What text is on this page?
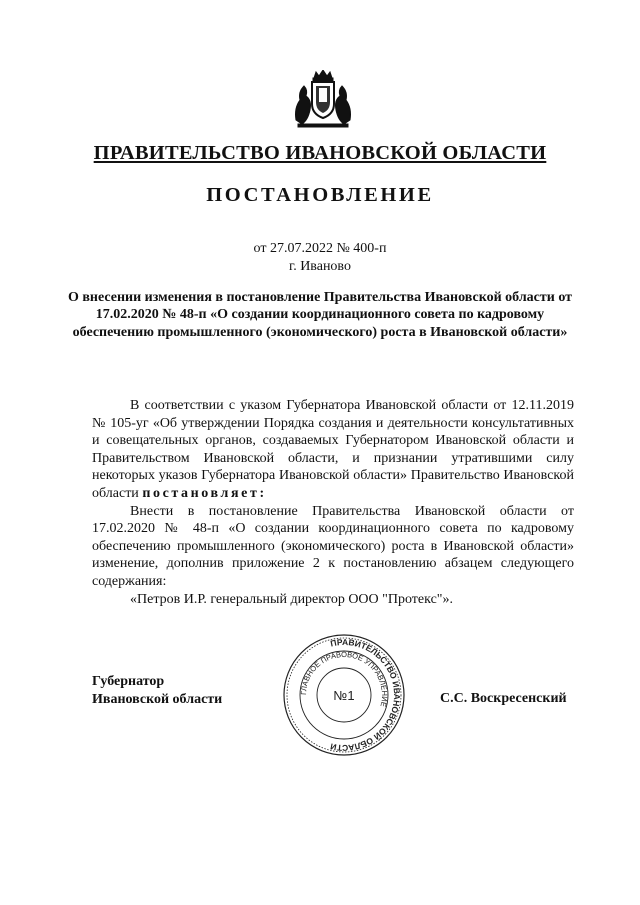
ПРАВИТЕЛЬСТВО ИВАНОВСКОЙ ОБЛАСТИ
ПОСТАНОВЛЕНИЕ
от 27.07.2022 № 400-п
г. Иваново
О внесении изменения в постановление Правительства Ивановской области от 17.02.2020 № 48-п «О создании координационного совета по кадровому обеспечению промышленного (экономического) роста в Ивановской области»

В соответствии с указом Губернатора Ивановской области от 12.11.2019 № 105-уг «Об утверждении Порядка создания и деятельности консультативных и совещательных органов, создаваемых Губернатором Ивановской области и Правительством Ивановской области, и признании утратившими силу некоторых указов Губернатора Ивановской области» Правительство Ивановской области постановляет:

Внести в постановление Правительства Ивановской области от 17.02.2020 № 48-п «О создании координационного совета по кадровому обеспечению промышленного (экономического) роста в Ивановской области» изменение, дополнив приложение 2 к постановлению абзацем следующего содержания:

«Петров И.Р. генеральный директор ООО "Протекс"».

Губернатор
Ивановской области
ПРАВИТЕЛЬСТВО ИВАНОВСКОЙ ОБЛАСТИ
ГЛАВНОЕ ПРАВОВОЕ УПРАВЛЕНИЕ
№1	С.С. Воскресенский
